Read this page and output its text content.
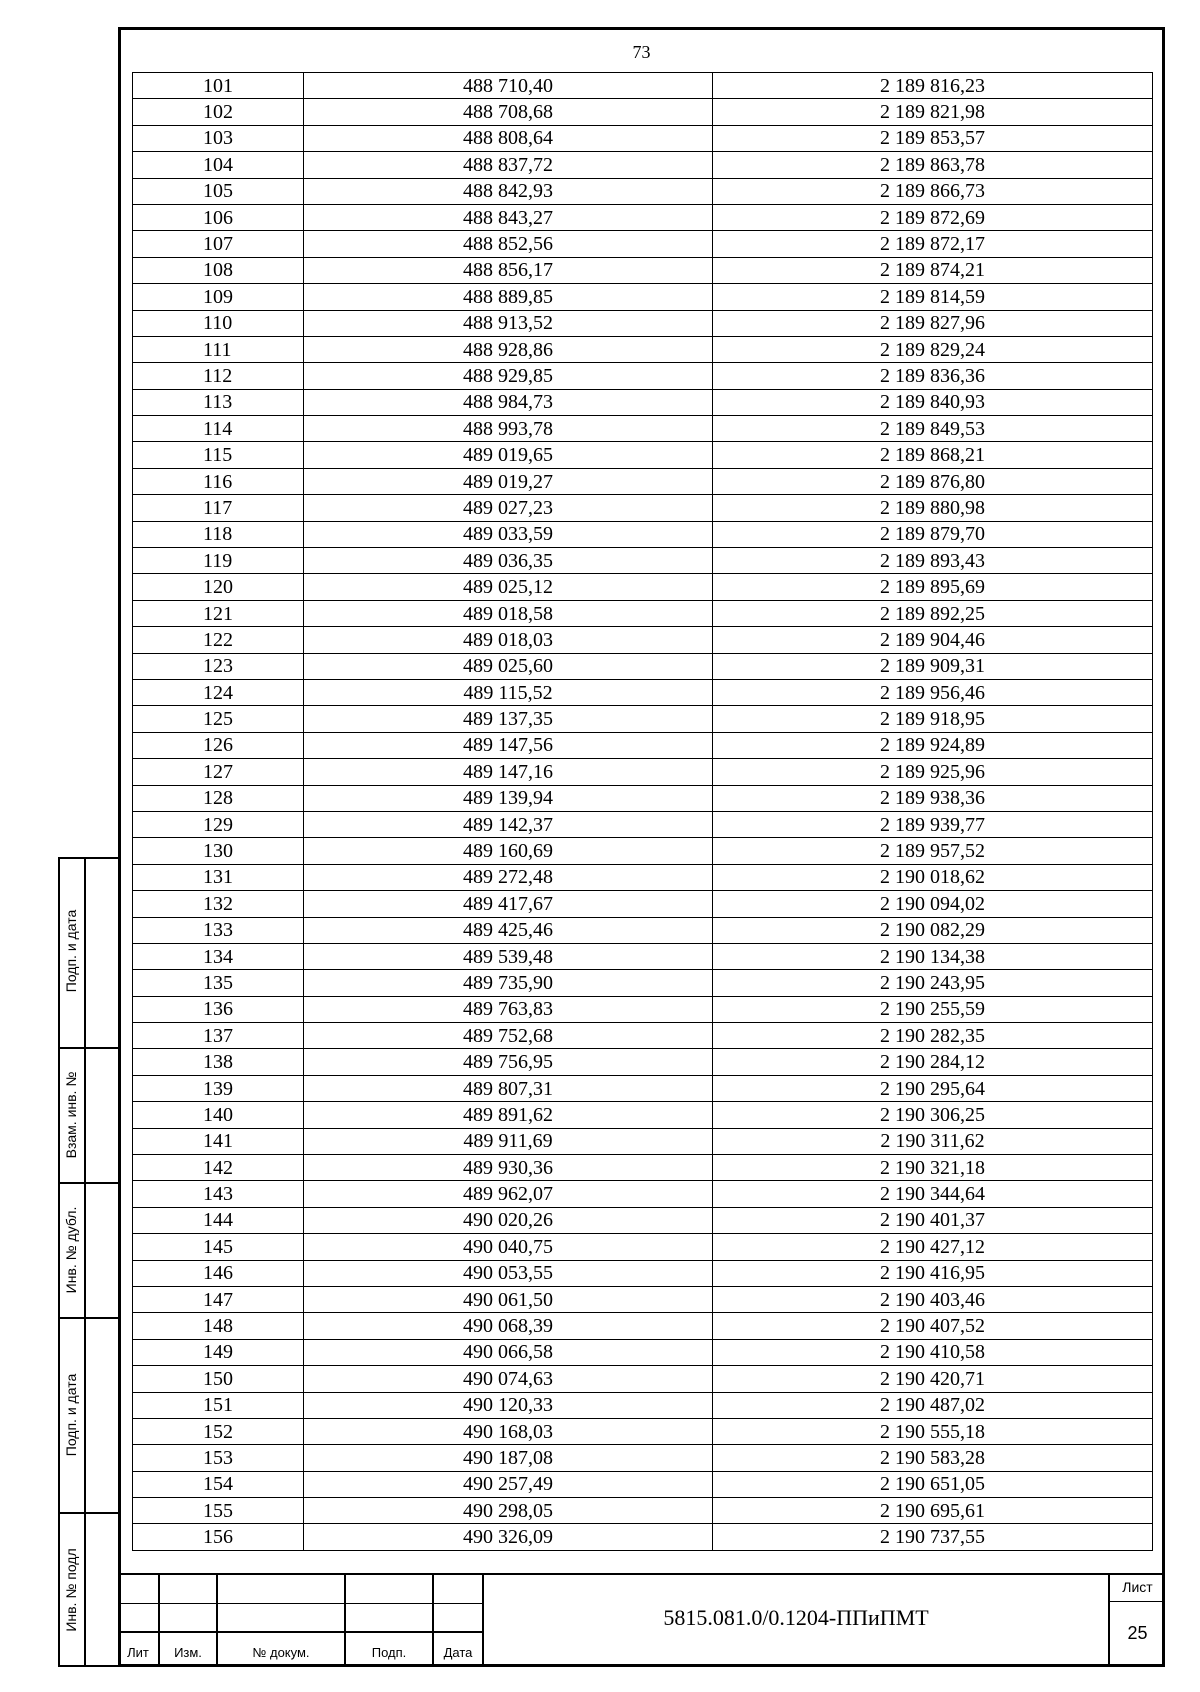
73
101	488 710,40	2 189 816,23
102	488 708,68	2 189 821,98
103	488 808,64	2 189 853,57
104	488 837,72	2 189 863,78
105	488 842,93	2 189 866,73
106	488 843,27	2 189 872,69
107	488 852,56	2 189 872,17
108	488 856,17	2 189 874,21
109	488 889,85	2 189 814,59
110	488 913,52	2 189 827,96
111	488 928,86	2 189 829,24
112	488 929,85	2 189 836,36
113	488 984,73	2 189 840,93
114	488 993,78	2 189 849,53
115	489 019,65	2 189 868,21
116	489 019,27	2 189 876,80
117	489 027,23	2 189 880,98
118	489 033,59	2 189 879,70
119	489 036,35	2 189 893,43
120	489 025,12	2 189 895,69
121	489 018,58	2 189 892,25
122	489 018,03	2 189 904,46
123	489 025,60	2 189 909,31
124	489 115,52	2 189 956,46
125	489 137,35	2 189 918,95
126	489 147,56	2 189 924,89
127	489 147,16	2 189 925,96
128	489 139,94	2 189 938,36
129	489 142,37	2 189 939,77
130	489 160,69	2 189 957,52
131	489 272,48	2 190 018,62
132	489 417,67	2 190 094,02
133	489 425,46	2 190 082,29
134	489 539,48	2 190 134,38
135	489 735,90	2 190 243,95
136	489 763,83	2 190 255,59
137	489 752,68	2 190 282,35
138	489 756,95	2 190 284,12
139	489 807,31	2 190 295,64
140	489 891,62	2 190 306,25
141	489 911,69	2 190 311,62
142	489 930,36	2 190 321,18
143	489 962,07	2 190 344,64
144	490 020,26	2 190 401,37
145	490 040,75	2 190 427,12
146	490 053,55	2 190 416,95
147	490 061,50	2 190 403,46
148	490 068,39	2 190 407,52
149	490 066,58	2 190 410,58
150	490 074,63	2 190 420,71
151	490 120,33	2 190 487,02
152	490 168,03	2 190 555,18
153	490 187,08	2 190 583,28
154	490 257,49	2 190 651,05
155	490 298,05	2 190 695,61
156	490 326,09	2 190 737,55
Лит	Изм.	№ докум.	Подп.	Дата
5815.081.0/0.1204-ППиПМТ
Лист
25
Подп. и дата
Взам. инв. №
Инв. № дубл.
Подп. и дата
Инв. № подл
